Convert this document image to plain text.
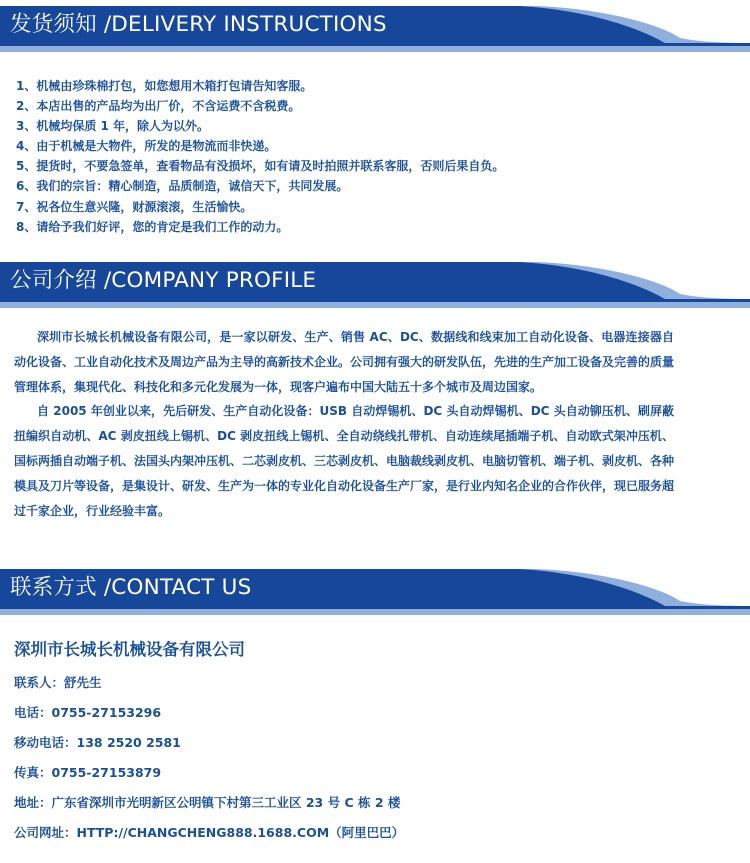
发货须知 /DELIVERY INSTRUCTIONS
1、机械由珍珠棉打包，如您想用木箱打包请告知客服。
2、本店出售的产品均为出厂价，不含运费不含税费。
3、机械均保质 1 年，除人为以外。
4、由于机械是大物件，所发的是物流而非快递。
5、提货时，不要急签单，查看物品有没损坏，如有请及时拍照并联系客服，否则后果自负。
6、我们的宗旨：精心制造，品质制造，诚信天下，共同发展。
7、祝各位生意兴隆，财源滚滚，生活愉快。
8、请给予我们好评，您的肯定是我们工作的动力。
公司介绍 /COMPANY PROFILE

深圳市长城长机械设备有限公司，是一家以研发、生产、销售 AC、DC、数据线和线束加工自动化设备、电器连接器自动化设备、工业自动化技术及周边产品为主导的高新技术企业。公司拥有强大的研发队伍，先进的生产加工设备及完善的质量管理体系，集现代化、科技化和多元化发展为一体，现客户遍布中国大陆五十多个城市及周边国家。

自 2005 年创业以来，先后研发、生产自动化设备：USB 自动焊锡机、DC 头自动焊锡机、DC 头自动铆压机、刷屏蔽扭编织自动机、AC 剥皮扭线上锡机、DC 剥皮扭线上锡机、全自动绕线扎带机、自动连续尾插端子机、自动欧式架冲压机、国标两插自动端子机、法国头内架冲压机、二芯剥皮机、三芯剥皮机、电脑裁线剥皮机、电脑切管机、端子机、剥皮机、各种模具及刀片等设备，是集设计、研发、生产为一体的专业化自动化设备生产厂家，是行业内知名企业的合作伙伴，现已服务超过千家企业，行业经验丰富。

联系方式 /CONTACT US
深圳市长城长机械设备有限公司
联系人：舒先生
电话：0755-27153296
移动电话：138 2520 2581
传真：0755-27153879
地址：广东省深圳市光明新区公明镇下村第三工业区 23 号 C 栋 2 楼
公司网址：HTTP://CHANGCHENG888.1688.COM（阿里巴巴）
